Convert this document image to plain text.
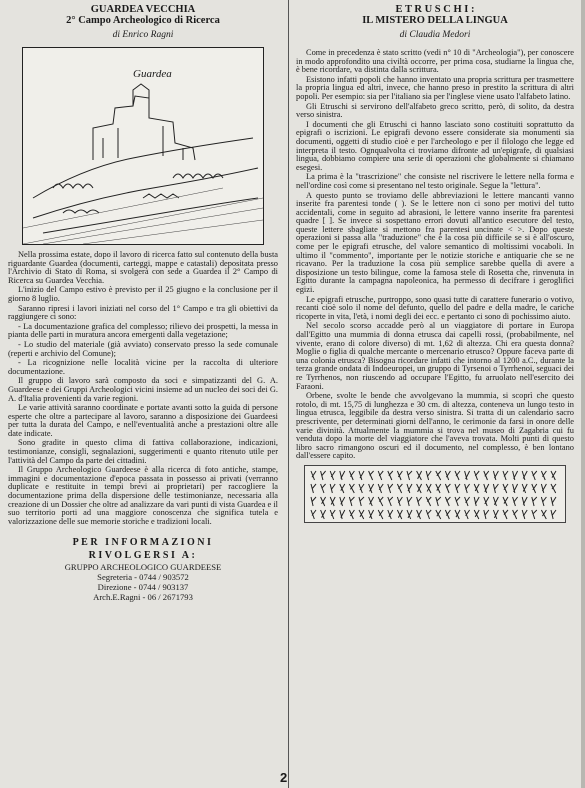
GUARDEA VECCHIA
2° Campo Archeologico di Ricerca
di Enrico Ragni
Guardea

Nella prossima estate, dopo il lavoro di ricerca fatto sul contenuto della busta riguardante Guardea (documenti, carteggi, mappe e catastali) depositata presso l'Archivio di Stato di Roma, si svolgerà con sede a Guardea il 2° Campo di Ricerca su Guardea Vecchia.

L'inizio del Campo estivo è previsto per il 25 giugno e la conclusione per il giorno 8 luglio.

Saranno ripresi i lavori iniziati nel corso del 1° Campo e tra gli obiettivi da raggiungere ci sono:

- La documentazione grafica del complesso; rilievo dei prospetti, la messa in pianta delle parti in muratura ancora emergenti dalla vegetazione;

- Lo studio del materiale (già avviato) conservato presso la sede comunale (reperti e archivio del Comune);

- La ricognizione nelle località vicine per la raccolta di ulteriore documentazione.

Il gruppo di lavoro sarà composto da soci e simpatizzanti del G. A. Guardeese e dei Gruppi Archeologici vicini insieme ad un nucleo dei soci dei G. A. d'Italia provenienti da varie regioni.

Le varie attività saranno coordinate e portate avanti sotto la guida di persone esperte che oltre a partecipare al lavoro, saranno a disposizione dei Guardeesi per tutta la durata del Campo, e nell'eventualità anche a prestazioni oltre alle date indicate.

Sono gradite in questo clima di fattiva collaborazione, indicazioni, testimonianze, consigli, segnalazioni, suggerimenti e quanto ritenuto utile per l'attività del Campo da parte dei cittadini.

Il Gruppo Archeologico Guardeese è alla ricerca di foto antiche, stampe, immagini e documentazione d'epoca passata in possesso ai privati (verranno duplicate e restituite in tempi brevi ai proprietari) per raccogliere la documentazione prima della dispersione delle testimonianze, necessaria alla creazione di un Dossier che oltre ad analizzare da vari punti di vista Guardea e il suo territorio porti ad una maggiore conoscenza che significa tutela e valorizzazione delle sue memorie storiche e tradizioni locali.

PER INFORMAZIONI
RIVOLGERSI A:
GRUPPO ARCHEOLOGICO GUARDEESE
Segreteria - 0744 / 903572
Direzione - 0744 / 903137
Arch.E.Ragni - 06 / 2671793
E T R U S C H I :
IL MISTERO DELLA LINGUA
di Claudia Medori

Come in precedenza è stato scritto (vedi n° 10 di "Archeologia"), per conoscere in modo approfondito una civiltà occorre, per prima cosa, studiarne la lingua che, è bene ricordare, va distinta dalla scrittura.

Esistono infatti popoli che hanno inventato una propria scrittura per trasmettere la propria lingua ed altri, invece, che hanno preso in prestito la scrittura di altri popoli. Per esempio: sia per l'italiano sia per l'inglese viene usato l'alfabeto latino.

Gli Etruschi si servirono dell'alfabeto greco scritto, però, di solito, da destra verso sinistra.

I documenti che gli Etruschi ci hanno lasciato sono costituiti soprattutto da epigrafi o iscrizioni. Le epigrafi devono essere considerate sia monumenti sia documenti, oggetti di studio cioè e per l'archeologo e per il filologo che legge ed interpreta il testo. Ognqualvolta ci troviamo difronte ad un'epigrafe, di qualsiasi lingua, dobbiamo compiere una serie di operazioni che globalmente si chiamano esegesi.

La prima è la "trascrizione" che consiste nel riscrivere le lettere nella forma e nell'ordine così come si presentano nel testo originale. Segue la "lettura".

A questo punto se troviamo delle abbreviazioni le lettere mancanti vanno inserite fra parentesi tonde ( ). Se le lettere non ci sono per motivi del tutto accidentali, come in seguito ad abrasioni, le lettere vanno inserite fra parentesi quadre [ ]. Se invece si sospettano errori dovuti all'antico esecutore del testo, queste lettere sbagliate si mettono fra parentesi uncinate < >. Dopo queste operazioni si passa alla "traduzione" che è la cosa più difficile se si è all'oscuro, come per le epigrafi etrusche, del valore semantico di moltissimi vocaboli. In ultimo il "commento", importante per le notizie storiche e antiquarie che se ne ricavano. Per la traduzione la cosa più semplice sarebbe quella di avere a disposizione un testo bilingue, come la famosa stele di Rosetta che, rinvenuta in Egitto durante la campagna napoleonica, ha permesso di decifrare i geroglifici egizi.

Le epigrafi etrusche, purtroppo, sono quasi tutte di carattere funerario o votivo, recanti cioè solo il nome del defunto, quello del padre e della madre, le cariche ricoperte in vita, l'età, i nomi degli dei ecc. e pertanto ci sono di pochissimo aiuto.

Nel secolo scorso accadde però al un viaggiatore di portare in Europa dall'Egitto una mummia di donna etrusca dai capelli rossi, (probabilmente, nel vivente, erano di colore diverso) di mt. 1,62 di altezza. Chi era questa donna? Moglie o figlia di qualche mercante o mercenario etrusco? Oppure faceva parte di una colonia etrusca? Bisogna ricordare infatti che intorno al 1200 a.C., durante la terza grande ondata di Indoeuropei, un gruppo di Tyrsenoi o Tyrrhenoi, seguaci dei re Tyrrhenos, non riuscendo ad occupare l'Egitto, fu arruolato nell'esercito dei Faraoni.

Orbene, svolte le bende che avvolgevano la mummia, si scoprì che questo rotolo, di mt. 15,75 di lunghezza e 30 cm. di altezza, conteneva un lungo testo in lingua etrusca, leggibile da destra verso sinistra. Si tratta di un calendario sacro prescrivente, per determinati giorni dell'anno, le cerimonie da farsi in onore delle varie divinità. Attualmente la mummia si trova nel museo di Zagabria cui fu venduta dopo la morte del viaggiatore che l'aveva trovata. Molti punti di questo libro sacro rimangono oscuri ed il documento, nel complesso, è ben lontano dall'essere capito.

2
